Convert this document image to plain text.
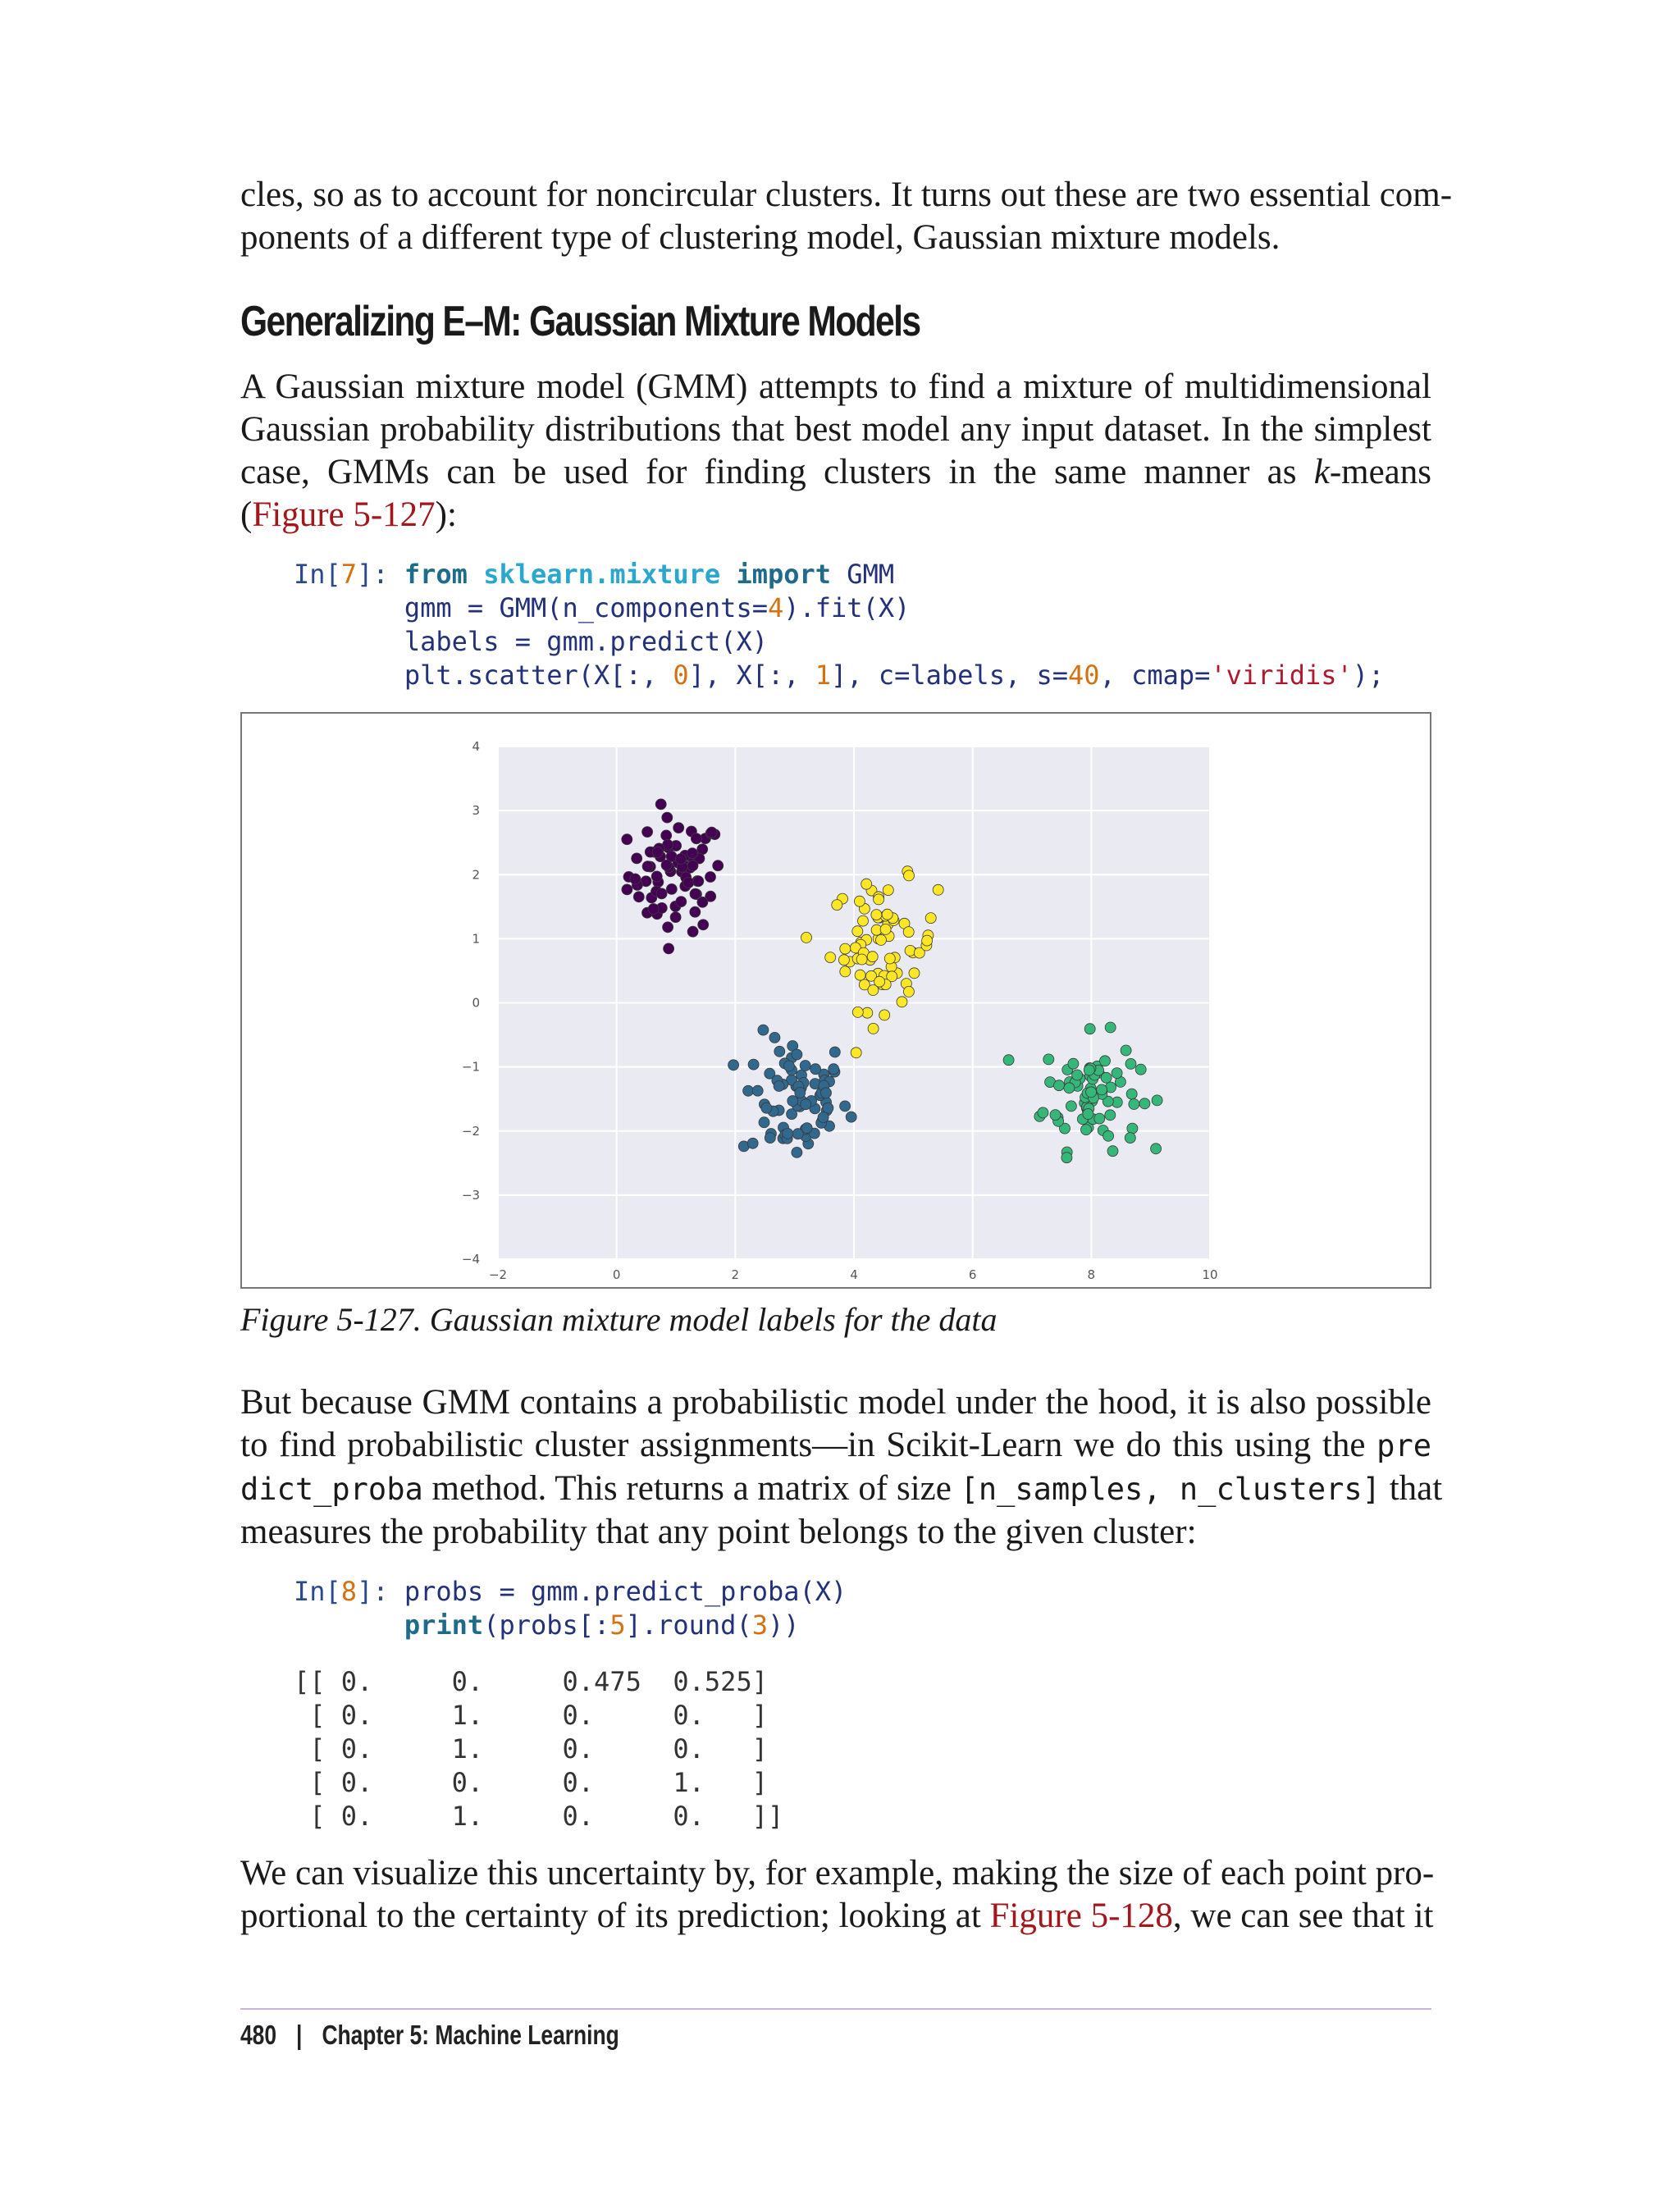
cles, so as to account for noncircular clusters. It turns out these are two essential com-
ponents of a different type of clustering model, Gaussian mixture models.

Generalizing E–M: Gaussian Mixture Models

A Gaussian mixture model (GMM) attempts to find a mixture of multidimensional
Gaussian probability distributions that best model any input dataset. In the simplest
case, GMMs can be used for finding clusters in the same manner as k-means
(Figure 5-127):

In[7]: from sklearn.mixture import GMM
gmm = GMM(n_components=4).fit(X)
labels = gmm.predict(X)
plt.scatter(X[:, 0], X[:, 1], c=labels, s=40, cmap='viridis');
4
3
2
1
0
−1
−2
−3
−4
−2	0	2	4	6	8	10
Figure 5-127. Gaussian mixture model labels for the data

But because GMM contains a probabilistic model under the hood, it is also possible
to find probabilistic cluster assignments—in Scikit-Learn we do this using the pre
dict_proba method. This returns a matrix of size [n_samples, n_clusters] that
measures the probability that any point belongs to the given cluster:

In[8]: probs = gmm.predict_proba(X)
print(probs[:5].round(3))
[[ 0.     0.     0.475  0.525]
[ 0.     1.     0.     0.   ]
[ 0.     1.     0.     0.   ]
[ 0.     0.     0.     1.   ]
[ 0.     1.     0.     0.   ]]

We can visualize this uncertainty by, for example, making the size of each point pro-
portional to the certainty of its prediction; looking at Figure 5-128, we can see that it

480 | Chapter 5: Machine Learning
